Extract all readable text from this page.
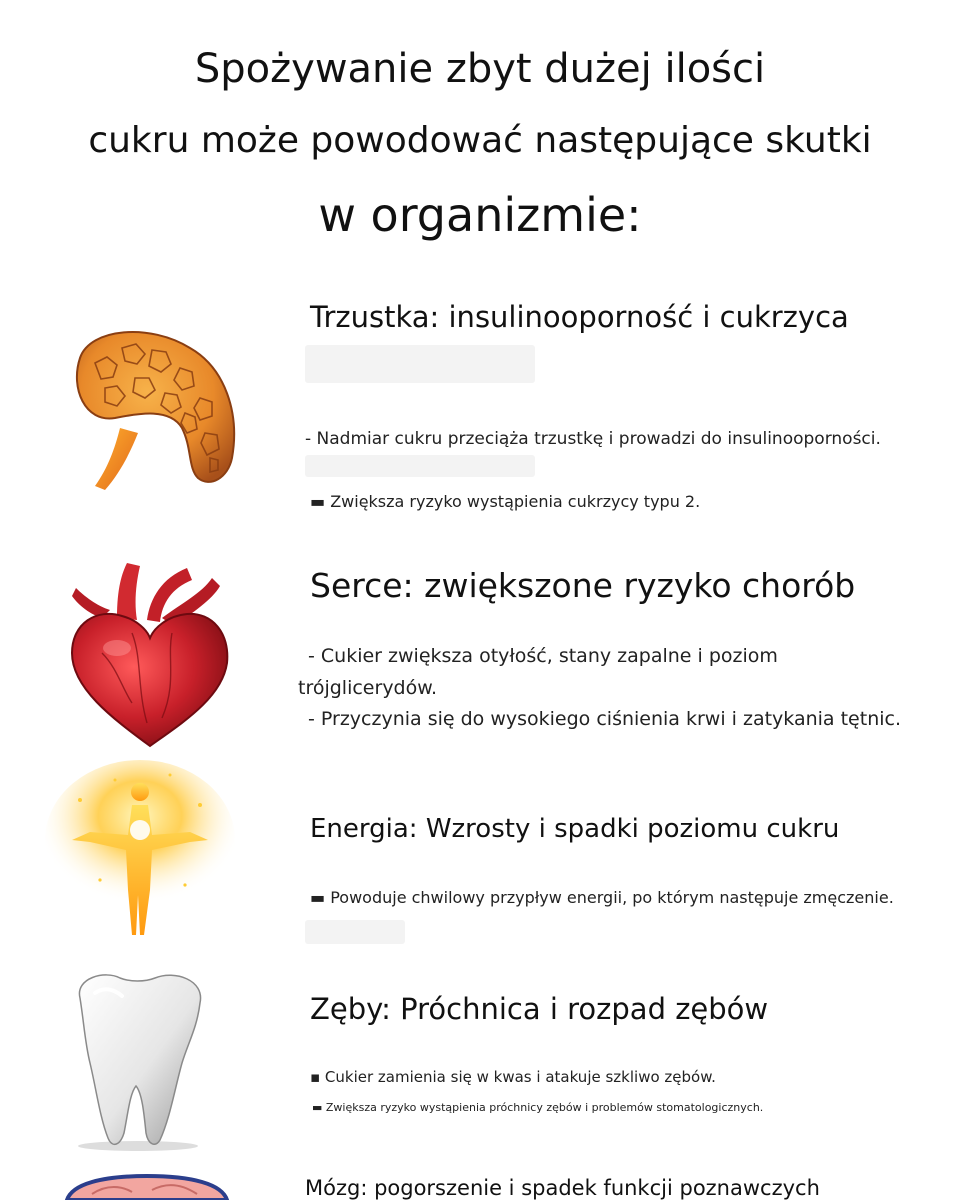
Spożywanie zbyt dużej ilości
cukru może powodować następujące skutki
w organizmie:
Trzustka: insulinooporność i cukrzyca
- Nadmiar cukru przeciąża trzustkę i prowadzi do insulinooporności.
▬ Zwiększa ryzyko wystąpienia cukrzycy typu 2.
Serce: zwiększone ryzyko chorób
- Cukier zwiększa otyłość, stany zapalne i poziom
trójglicerydów.
- Przyczynia się do wysokiego ciśnienia krwi i zatykania tętnic.
Energia: Wzrosty i spadki poziomu cukru
▬ Powoduje chwilowy przypływ energii, po którym następuje zmęczenie.
Zęby: Próchnica i rozpad zębów
▪ Cukier zamienia się w kwas i atakuje szkliwo zębów.
▬ Zwiększa ryzyko wystąpienia próchnicy zębów i problemów stomatologicznych.
Mózg: pogorszenie i spadek funkcji poznawczych
